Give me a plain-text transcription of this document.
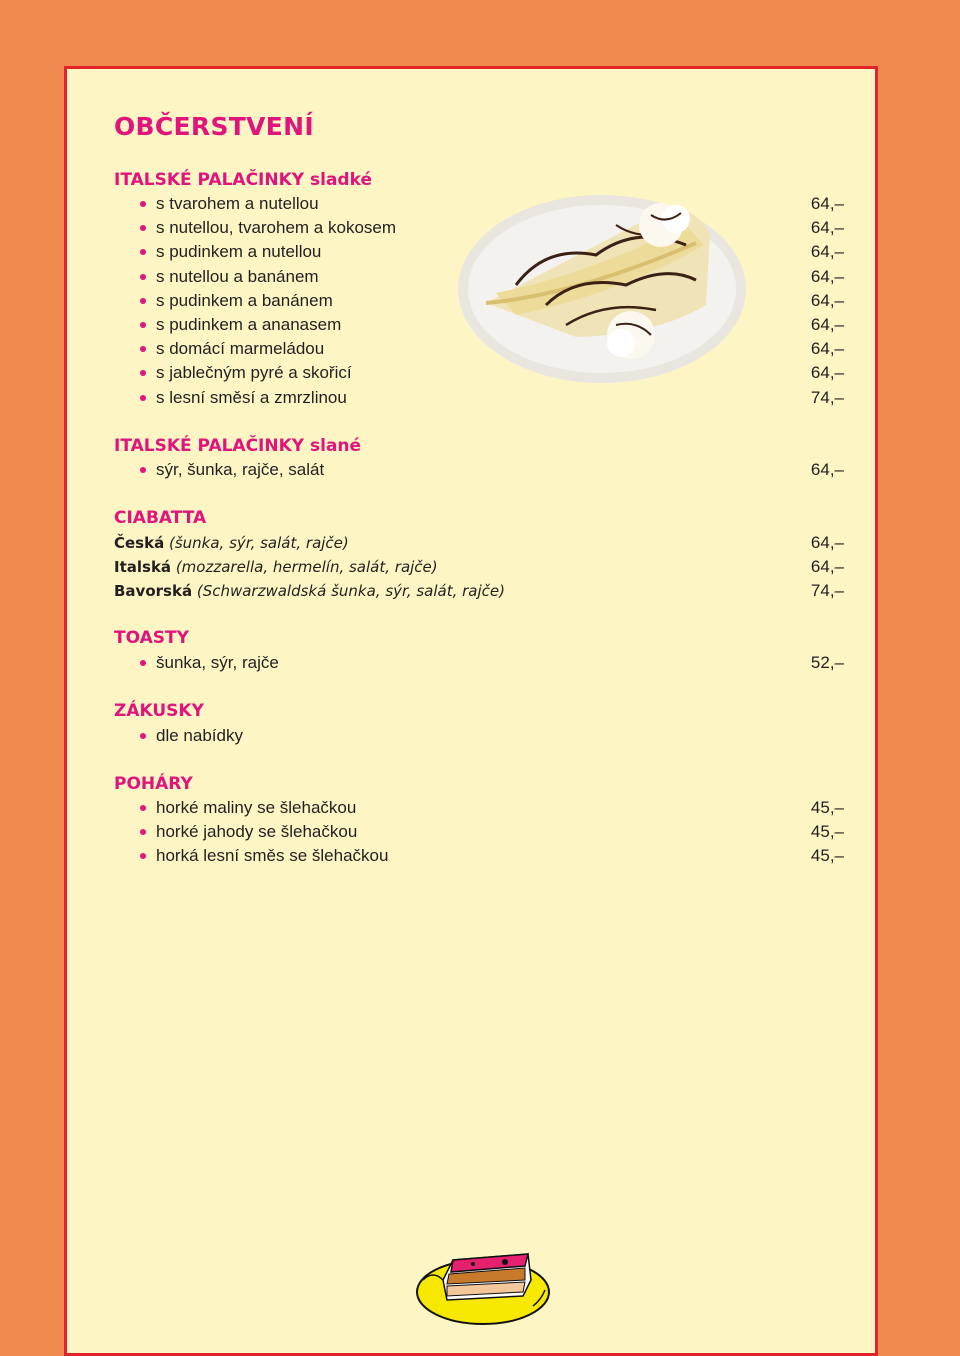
OBČERSTVENÍ
ITALSKÉ PALAČINKY sladké
s tvarohem a nutellou	64,–
s nutellou, tvarohem a kokosem	64,–
s pudinkem a nutellou	64,–
s nutellou a banánem	64,–
s pudinkem a banánem	64,–
s pudinkem a ananasem	64,–
s domácí marmeládou	64,–
s jablečným pyré a skořicí	64,–
s lesní směsí a zmrzlinou	74,–
ITALSKÉ PALAČINKY slané
sýr, šunka, rajče, salát	64,–
CIABATTA
Česká (šunka, sýr, salát, rajče)	64,–
Italská (mozzarella, hermelín, salát, rajče)	64,–
Bavorská (Schwarzwaldská šunka, sýr, salát, rajče)	74,–
TOASTY
šunka, sýr, rajče	52,–
ZÁKUSKY
dle nabídky
POHÁRY
horké maliny se šlehačkou	45,–
horké jahody se šlehačkou	45,–
horká lesní směs se šlehačkou	45,–
